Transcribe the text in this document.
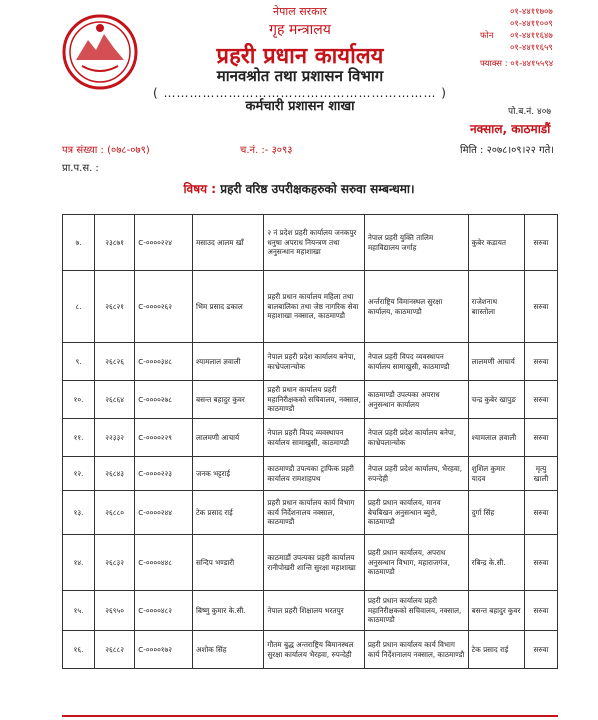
नेपाल सरकार
गृह मन्त्रालय
प्रहरी प्रधान कार्यालय
मानवश्रोत तथा प्रशासन विभाग
( ……………………………………………………… )
कर्मचारी प्रशासन शाखा
०१-४४११७०७
०१-४४११००९
फोन	०१-४४११६४७
०१-४४११६५९
फ्याक्स : ०१-४४१५५९४
पो.ब.नं. ४०७
नक्साल, काठमाडौं
पत्र संख्या : (०७८-०७९)	च.नं. :- ३०९३	मिति : २०७८।०९।२२ गते।
प्रा.प.स. :
विषय : प्रहरी वरिष्ठ उपरीक्षकहरुको सरुवा सम्बन्धमा।
७.	२३८७१	C-००००२२४	मसाउद आलम खाँ	२ नं प्रदेश प्रहरी कार्यालय जनकपुर धनुषा अपराध नियन्त्रण तथा अनुसन्धान महाशाखा	नेपाल प्रहरी युक्ति तालिम महाविद्यालय जर्गाह	कुबेर कडायत	सरुवा
८.	२६८२१	C-००००२६२	भिम प्रसाद ढकाल	प्रहरी प्रधान कार्यालय महिला तथा बालबालिका तथा जेष्ठ नागरिक सेवा महाशाखा नक्साल, काठमाण्डौ	अर्न्तराष्ट्रिय विमानस्थल सुरक्षा कार्यालय, काठमाण्डौ	राजेशनाथ बाास्तोला	सरुवा
९.	२६८२६	C-००००३४८	श्यामलाल ज्ञवाली	नेपाल प्रहरी प्रदेश कार्यालय बनेपा, काभ्रेपलान्चोक	नेपाल प्रहरी विपद व्यवस्थापन कार्यालय सामाखुसी, काठमाण्डौ	लालमणी आचार्य	सरुवा
१०.	२६८६४	C-००००२७८	बसन्त बहादुर कुवर	प्रहरी प्रधान कार्यालय प्रहरी महानिरीक्षकको सचिवालय, नक्साल, काठमाण्डौ	काठमाण्डौ उपत्यका अपराध अनुसन्धान कार्यालय	चन्द्र कुबेर खापुङ	सरुवा
११.	२२३३२	C-००००२२९	लालमणी आचार्य	नेपाल प्रहरी विपद व्यवस्थापन कार्यालय सामाखुसी, काठमाण्डौ	नेपाल प्रहरी प्रदेश कार्यालय बनेपा, काभ्रेपलान्चोक	श्यामलाल ज्ञवाली	सरुवा
१२.	२६८४३	C-००००२२३	जनक भट्टराई	काठमाण्डौ उपत्यका ट्राफिक प्रहरी कार्यालय रामशाहपथ	नेपाल प्रहरी प्रदेश कार्यालय, भैरहवा, रुपन्देही	शुशिल कुमार यादव	मृत्यु खाली
१३.	२६८८०	C-००००२४४	टेक प्रसाद राई	प्रहरी प्रधान कार्यालय कार्य विभाग कार्य निर्देशनालय नक्साल, काठमाण्डौ	प्रहरी प्रधान कार्यालय, मानव बेचबिखन अनुसन्धान ब्युरो, काठमाण्डौ	दुर्गा सिंह	सरुवा
१४.	२६८३२	C-००००४४८	सन्दिप भण्डारी	काठमाडौं उपत्यका प्रहरी कार्यालय रानीपोखरी शान्ति सुरक्षा महाशाखा	प्रहरी प्रधान कार्यालय, अपराध अनुसन्धान विभाग, महाराजगंज, काठमाण्डौ	रबिन्द्र के.सी.	सरुवा
१५.	२६९५०	C-००००४८२	बिष्णु कुमार के.सी.	नेपाल प्रहरी शिक्षालय भरतपुर	प्रहरी प्रधान कार्यालय प्रहरी महानिरीक्षकको सचिवालय, नक्साल, काठमाण्डौ	बसन्त बहादुर कुवर	सरुवा
१६.	२६८८२	C-००००१७२	अशोक सिंह	गौतम बुद्ध अन्तराष्ट्रिय बिमानस्थल सुरक्षा कार्यालय भैरहवा, रुपन्देही	प्रहरी प्रधान कार्यालय कार्य विभाग कार्य निर्देशनालय नक्साल, काठमाण्डौ	टेक प्रसाद राई	सरुवा
